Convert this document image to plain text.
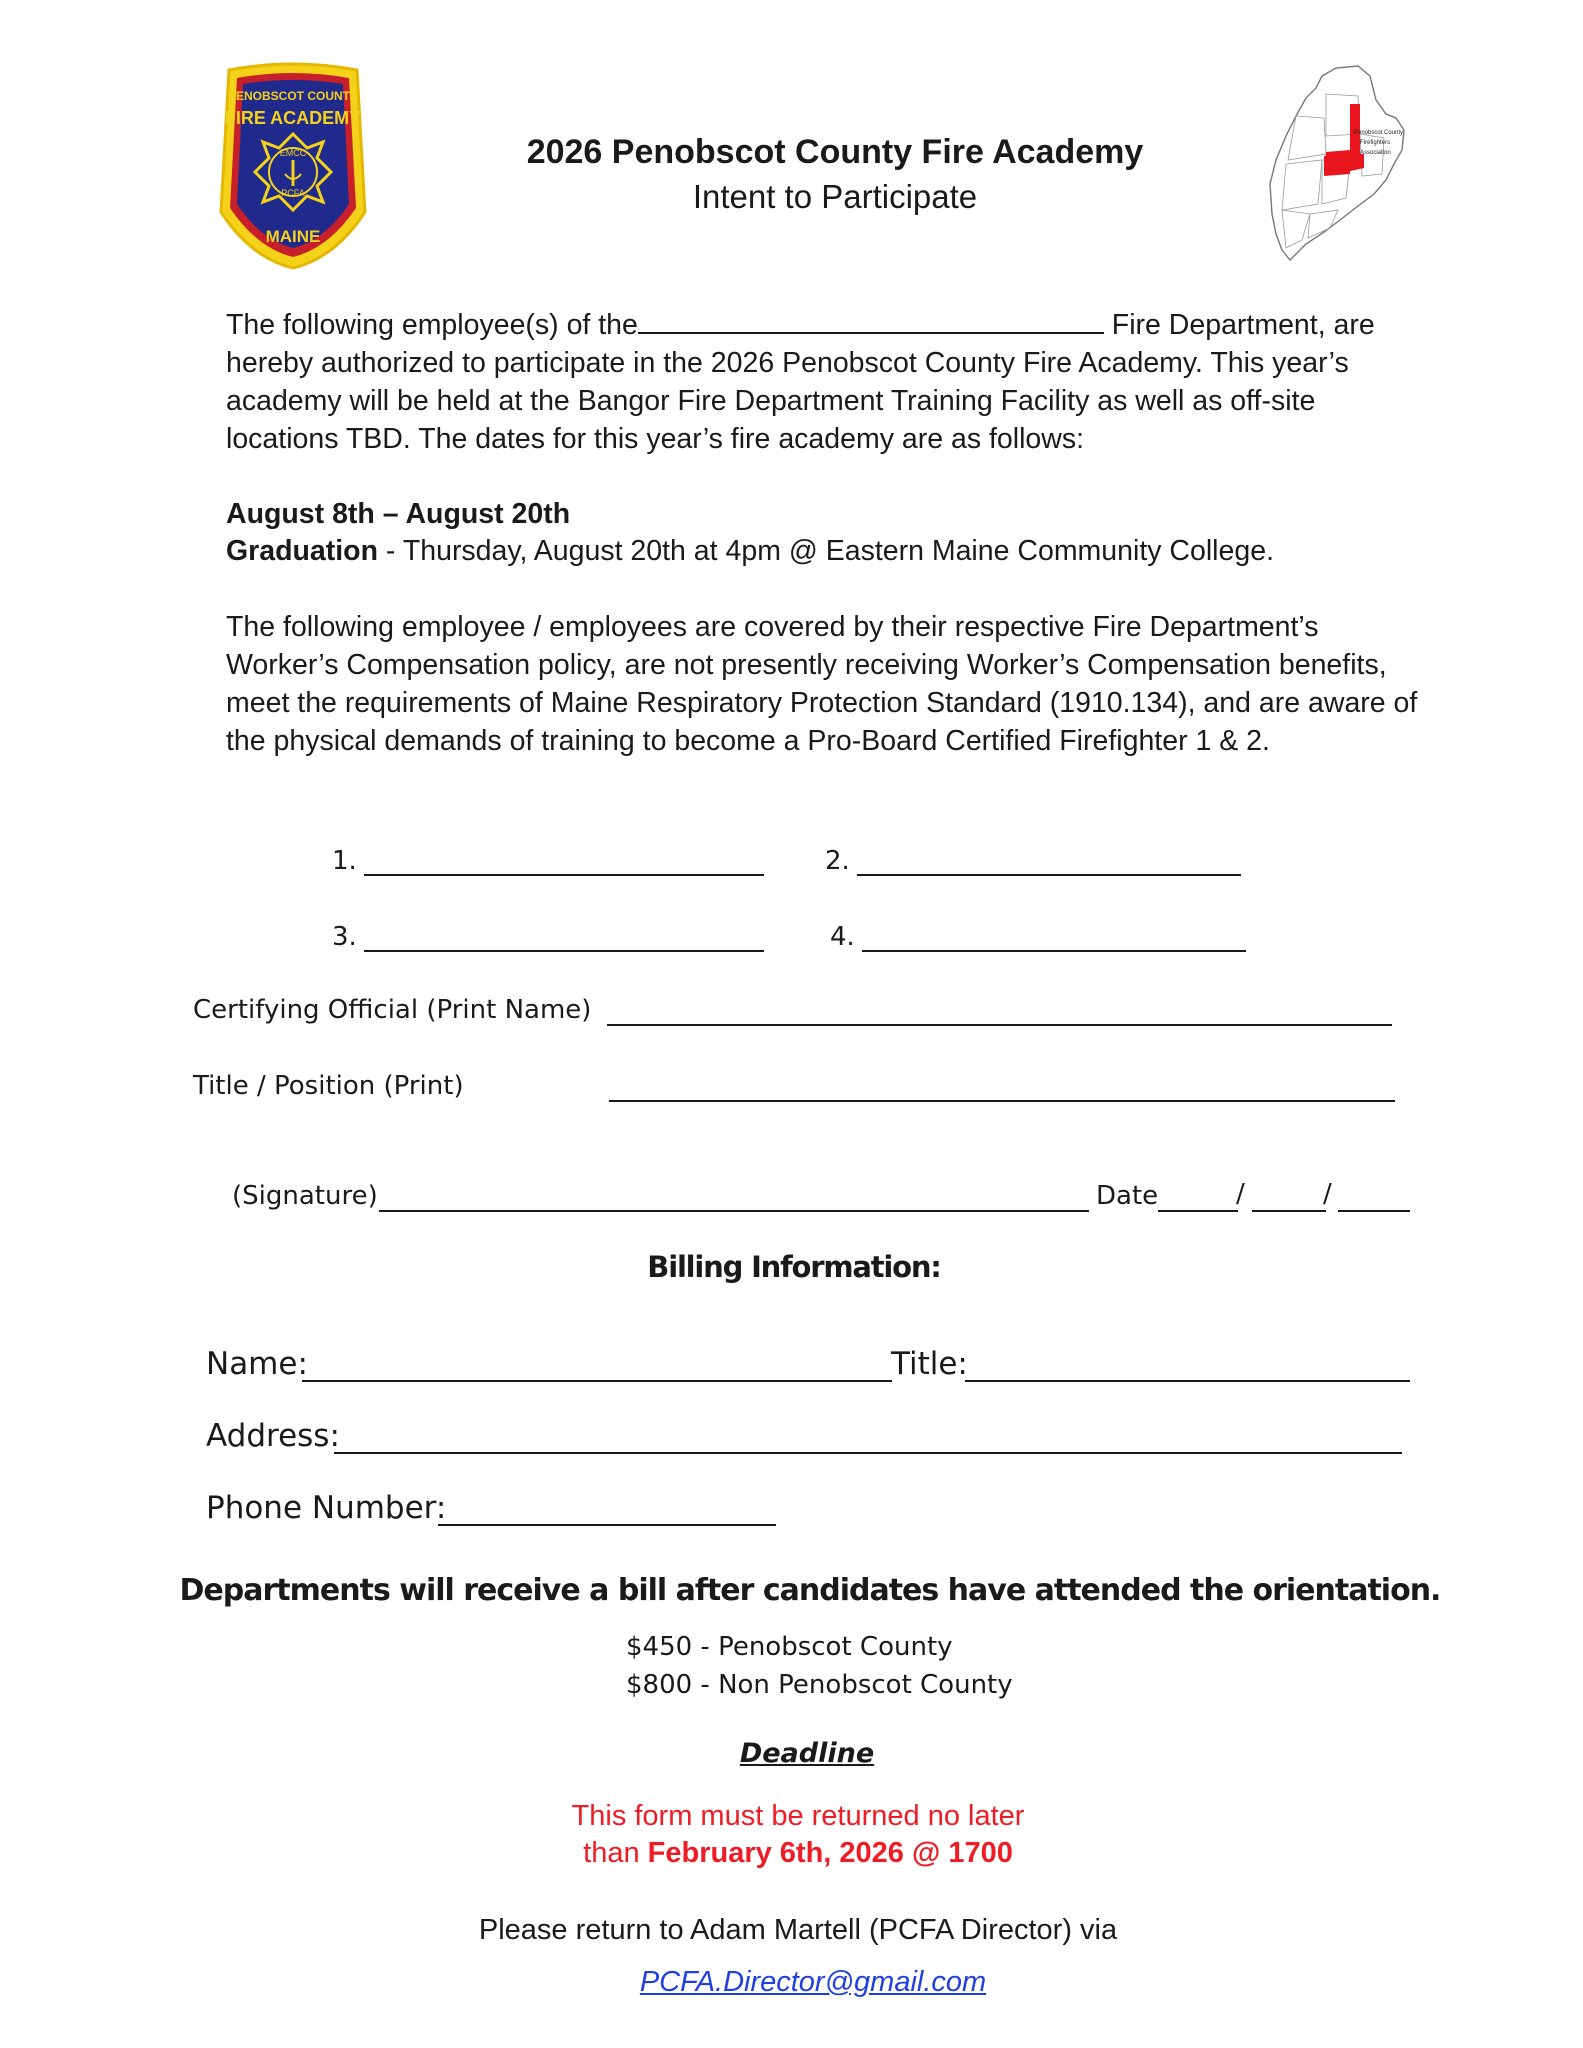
PENOBSCOT COUNTY
FIRE ACADEMY
EMCC
PCFA
MAINE
Penobscot County
Firefighters
Association
2026 Penobscot County Fire Academy
Intent to Participate
The following employee(s) of the	Fire Department, are hereby authorized to participate in the 2026 Penobscot County Fire Academy. This year’s academy will be held at the Bangor Fire Department Training Facility as well as off-site locations TBD. The dates for this year’s fire academy are as follows:
August 8th – August 20th
Graduation - Thursday, August 20th at 4pm @ Eastern Maine Community College.
The following employee / employees are covered by their respective Fire Department’s Worker’s Compensation policy, are not presently receiving Worker’s Compensation benefits, meet the requirements of Maine Respiratory Protection Standard (1910.134), and are aware of the physical demands of training to become a Pro-Board Certified Firefighter 1 & 2.
1.	2.
3.	4.
Certifying Official (Print Name)
Title / Position (Print)
(Signature)	Date	/	/
Billing Information:
Name:	Title:
Address:
Phone Number:
Departments will receive a bill after candidates have attended the orientation.
$450 - Penobscot County
$800 - Non Penobscot County
Deadline
This form must be returned no later
than February 6th, 2026 @ 1700
Please return to Adam Martell (PCFA Director) via
PCFA.Director@gmail.com
